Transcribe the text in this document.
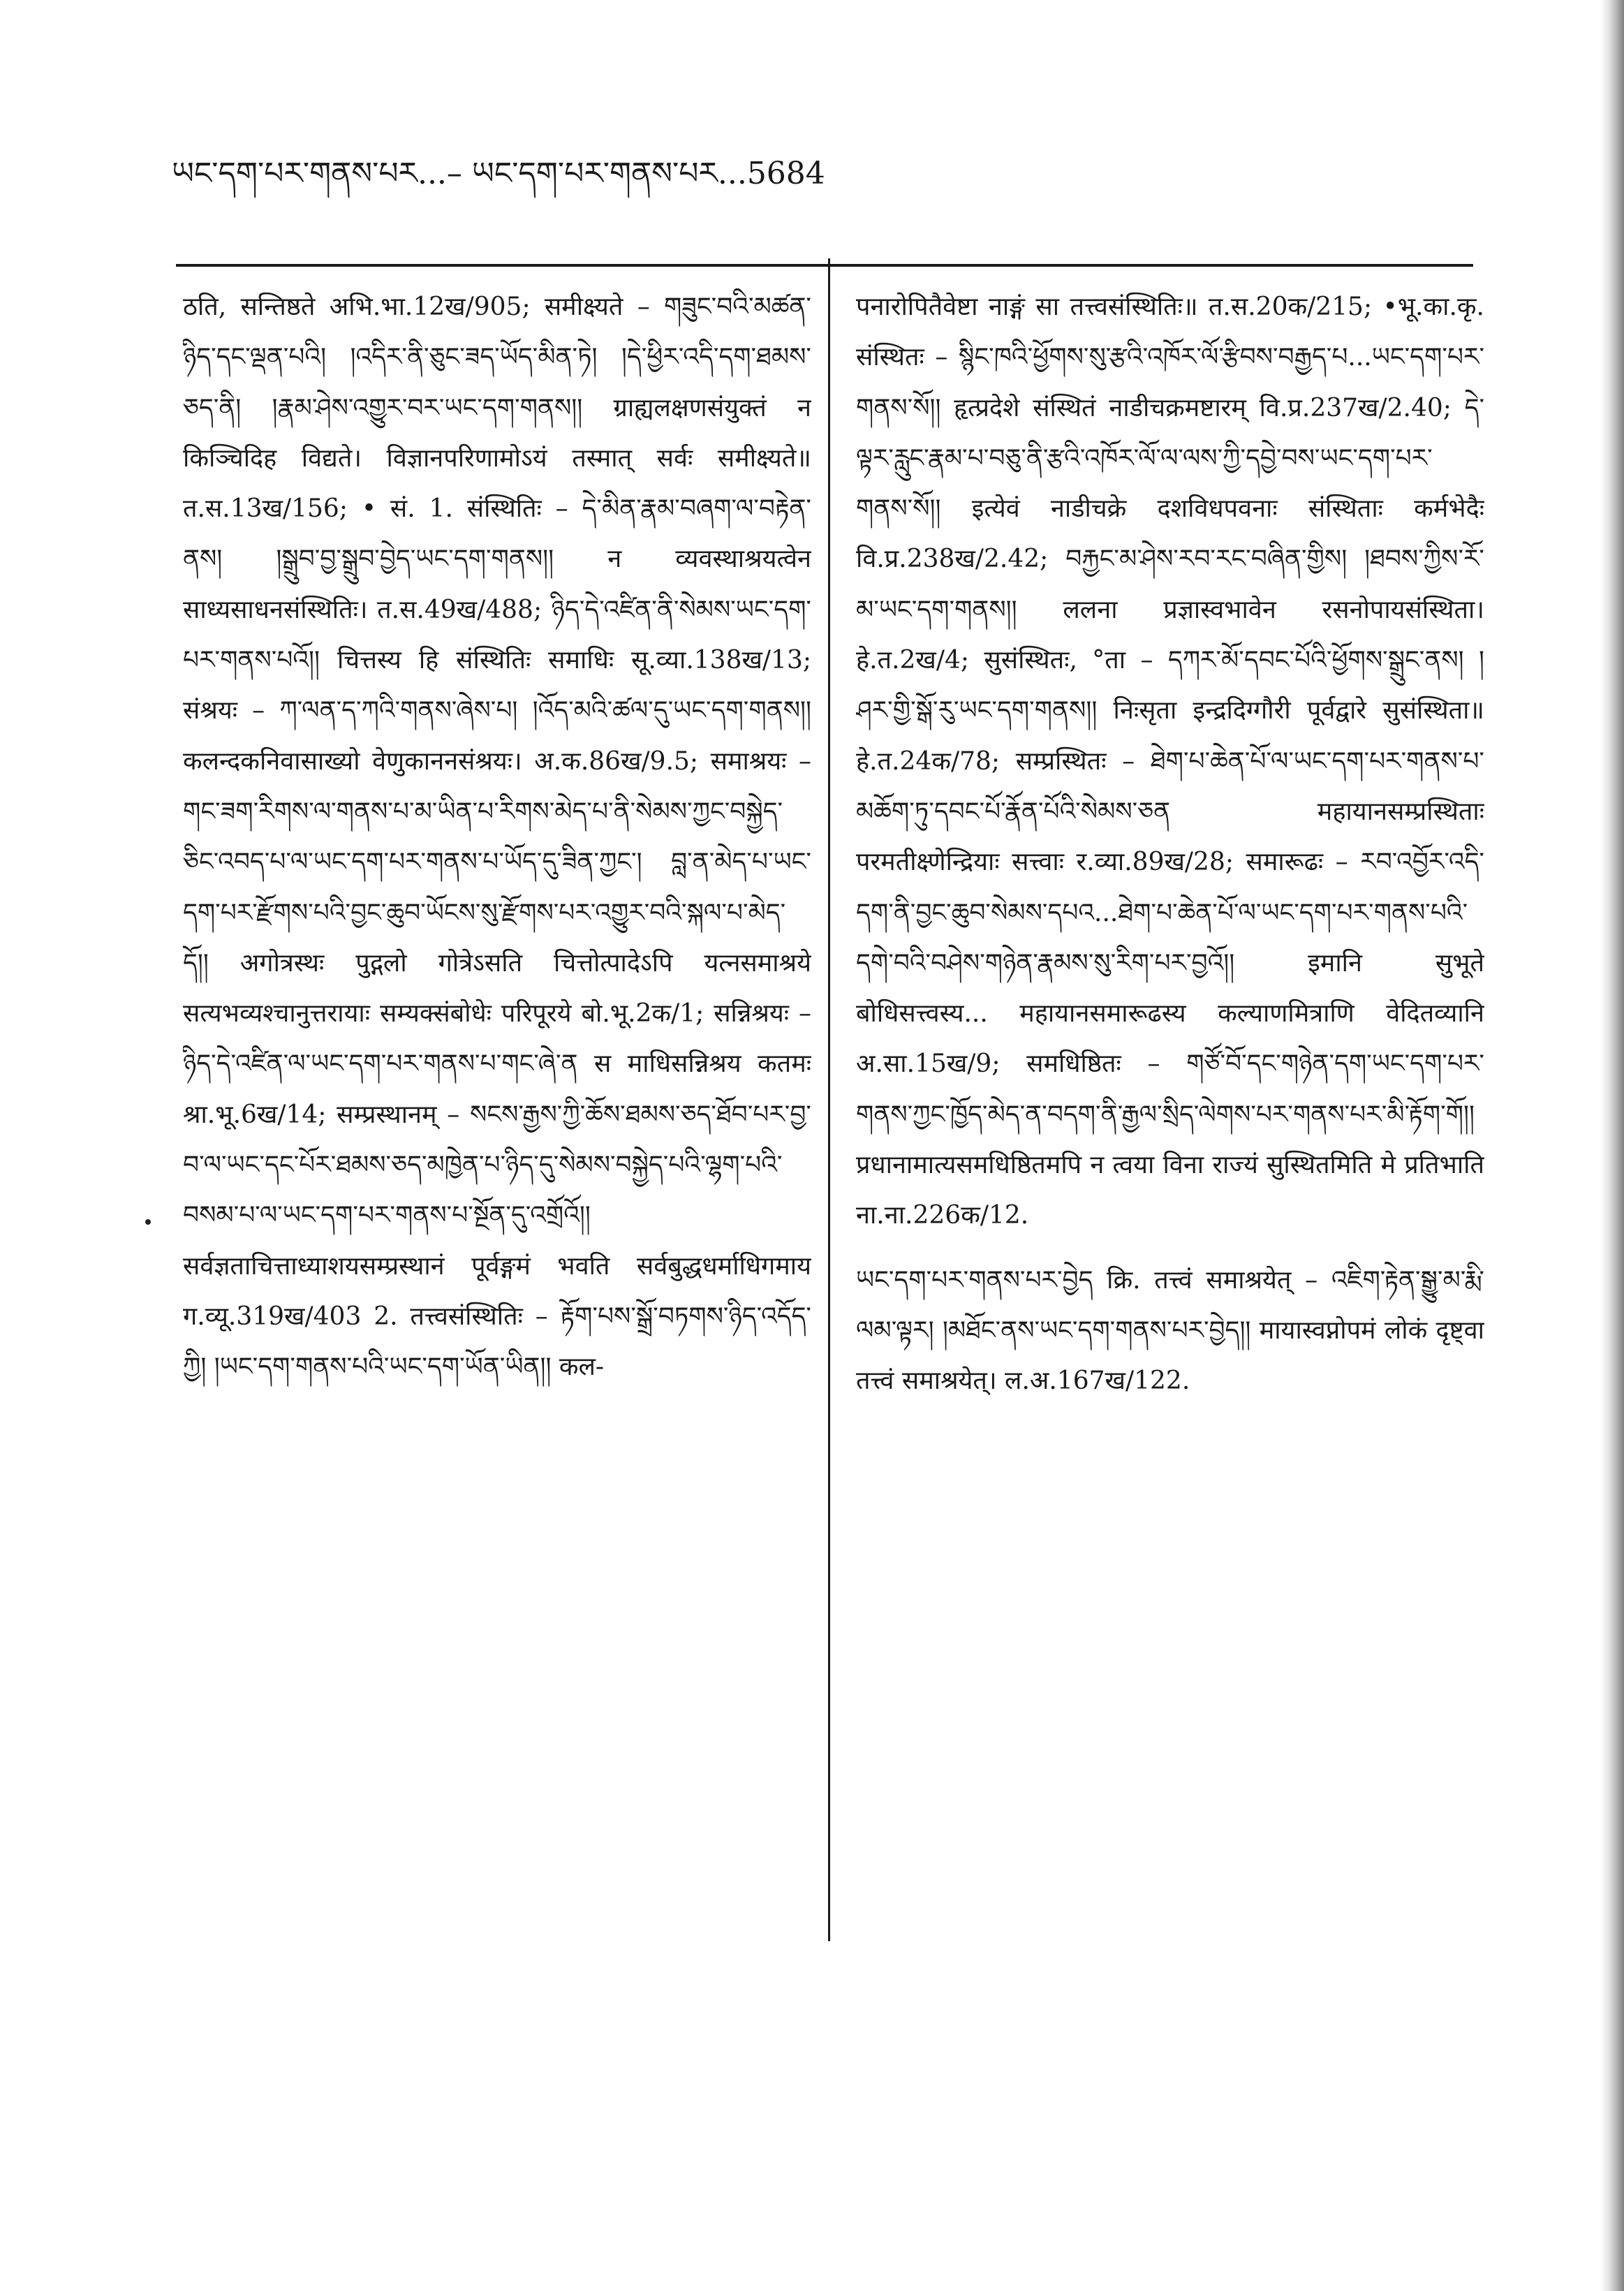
ཡང་དག་པར་གནས་པར...– ཡང་དག་པར་གནས་པར...5684

ठति, सन्तिष्ठते अभि.भा.12ख/905; समीक्ष्यते – གཟུང་བའི་མཚན་ཉིད་དང་ལྡན་པའི། །འདིར་ནི་ཅུང་ཟད་ཡོད་མིན་ཏེ། །དེ་ཕྱིར་འདི་དག་ཐམས་ཅད་ནི། །རྣམ་ཤེས་འགྱུར་བར་ཡང་དག་གནས།། ग्राह्यलक्षणसंयुक्तं न किञ्चिदिह विद्यते। विज्ञानपरिणामोऽयं तस्मात् सर्वः समीक्ष्यते॥ त.स.13ख/156; • सं. 1. संस्थितिः – དེ་མིན་རྣམ་བཞག་ལ་བརྟེན་ནས། །སྒྲུབ་བྱ་སྒྲུབ་བྱེད་ཡང་དག་གནས།། न व्यवस्थाश्रयत्वेन साध्यसाधनसंस्थितिः। त.स.49ख/488; ཉིད་དེ་འཛིན་ནི་སེམས་ཡང་དག་པར་གནས་པའོ།། चित्तस्य हि संस्थितिः समाधिः सू.व्या.138ख/13; संश्रयः – ཀ་ལན་ད་ཀའི་གནས་ཞེས་པ། །འོད་མའི་ཚལ་དུ་ཡང་དག་གནས།། कलन्दकनिवासाख्यो वेणुकाननसंश्रयः। अ.क.86ख/9.5; समाश्रयः – གང་ཟག་རིགས་ལ་གནས་པ་མ་ཡིན་པ་རིགས་མེད་པ་ནི་སེམས་ཀྱང་བསྐྱེད་ཅིང་འབད་པ་ལ་ཡང་དག་པར་གནས་པ་ཡོད་དུ་ཟིན་ཀྱང་། བླ་ན་མེད་པ་ཡང་དག་པར་རྫོགས་པའི་བྱང་ཆུབ་ཡོངས་སུ་རྫོགས་པར་འགྱུར་བའི་སྐལ་པ་མེད་དོ།། अगोत्रस्थः पुद्गलो गोत्रेऽसति चित्तोत्पादेऽपि यत्नसमाश्रये सत्यभव्यश्चानुत्तरायाः सम्यक्संबोधेः परिपूरये बो.भू.2क/1; सन्निश्रयः – ཉིད་དེ་འཛིན་ལ་ཡང་དག་པར་གནས་པ་གང་ཞེ་ན स माधिसन्निश्रय कतमः श्रा.भू.6ख/14; सम्प्रस्थानम् – སངས་རྒྱས་ཀྱི་ཆོས་ཐམས་ཅད་ཐོབ་པར་བྱ་བ་ལ་ཡང་དང་པོར་ཐམས་ཅད་མཁྱེན་པ་ཉིད་དུ་སེམས་བསྐྱེད་པའི་ལྷག་པའི་བསམ་པ་ལ་ཡང་དག་པར་གནས་པ་སྔོན་དུ་འགྲོའོ།། सर्वज्ञताचित्ताध्याशयसम्प्रस्थानं पूर्वङ्गमं भवति सर्वबुद्धधर्माधिगमाय ग.व्यू.319ख/403 2. तत्त्वसंस्थितिः – རྟོག་པས་སྒྲོ་བཏགས་ཉིད་འདོད་ཀྱི། །ཡང་དག་གནས་པའི་ཡང་དག་ཡོན་ཡིན།། कल-

पनारोपितैवेष्टा नाङ्गं सा तत्त्वसंस्थितिः॥ त.स.20क/215; •भू.का.कृ. संस्थितः – སྙིང་ཁའི་ཕྱོགས་སུ་རྩའི་འཁོར་ལོ་རྩིབས་བརྒྱད་པ...ཡང་དག་པར་གནས་སོ།། हृत्प्रदेशे संस्थितं नाडीचक्रमष्टारम् वि.प्र.237ख/2.40; དེ་ལྟར་རླུང་རྣམ་པ་བཅུ་ནི་རྩའི་འཁོར་ལོ་ལ་ལས་ཀྱི་དབྱེ་བས་ཡང་དག་པར་གནས་སོ།། इत्येवं नाडीचक्रे दशविधपवनाः संस्थिताः कर्मभेदैः वि.प्र.238ख/2.42; བརྐྱང་མ་ཤེས་རབ་རང་བཞིན་གྱིས། །ཐབས་ཀྱིས་རོ་མ་ཡང་དག་གནས།། ललना प्रज्ञास्वभावेन रसनोपायसंस्थिता। हे.त.2ख/4; सुसंस्थितः, °ता – དཀར་མོ་དབང་པོའི་ཕྱོགས་སྒྲུང་ནས། །ཤར་གྱི་སྒོ་རུ་ཡང་དག་གནས།། निःसृता इन्द्रदिग्गौरी पूर्वद्वारे सुसंस्थिता॥ हे.त.24क/78; सम्प्रस्थितः – ཐེག་པ་ཆེན་པོ་ལ་ཡང་དག་པར་གནས་པ་མཆོག་ཏུ་དབང་པོ་རྣོན་པོའི་སེམས་ཅན महायानसम्प्रस्थिताः परमतीक्ष्णेन्द्रियाः सत्त्वाः र.व्या.89ख/28; समारूढः – རབ་འབྱོར་འདི་དག་ནི་བྱང་ཆུབ་སེམས་དཔའ...ཐེག་པ་ཆེན་པོ་ལ་ཡང་དག་པར་གནས་པའི་དགེ་བའི་བཤེས་གཉེན་རྣམས་སུ་རིག་པར་བྱའོ།། इमानि सुभूते बोधिसत्त्वस्य... महायानसमारूढस्य कल्याणमित्राणि वेदितव्यानि अ.सा.15ख/9; समधिष्ठितः – གཙོ་བོ་དང་གཉེན་དག་ཡང་དག་པར་གནས་ཀྱང་ཁྱོད་མེད་ན་བདག་ནི་རྒྱལ་སྲིད་ལེགས་པར་གནས་པར་མི་རྟོག་གོ།། प्रधानामात्यसमधिष्ठितमपि न त्वया विना राज्यं सुस्थितमिति मे प्रतिभाति ना.ना.226क/12.

ཡང་དག་པར་གནས་པར་བྱེད क्रि. तत्त्वं समाश्रयेत् – འཇིག་རྟེན་སྒྱུ་མ་རྨི་ལམ་ལྟར། །མཐོང་ནས་ཡང་དག་གནས་པར་བྱེད།། मायास्वप्नोपमं लोकं दृष्ट्वा तत्त्वं समाश्रयेत्। ल.अ.167ख/122.
